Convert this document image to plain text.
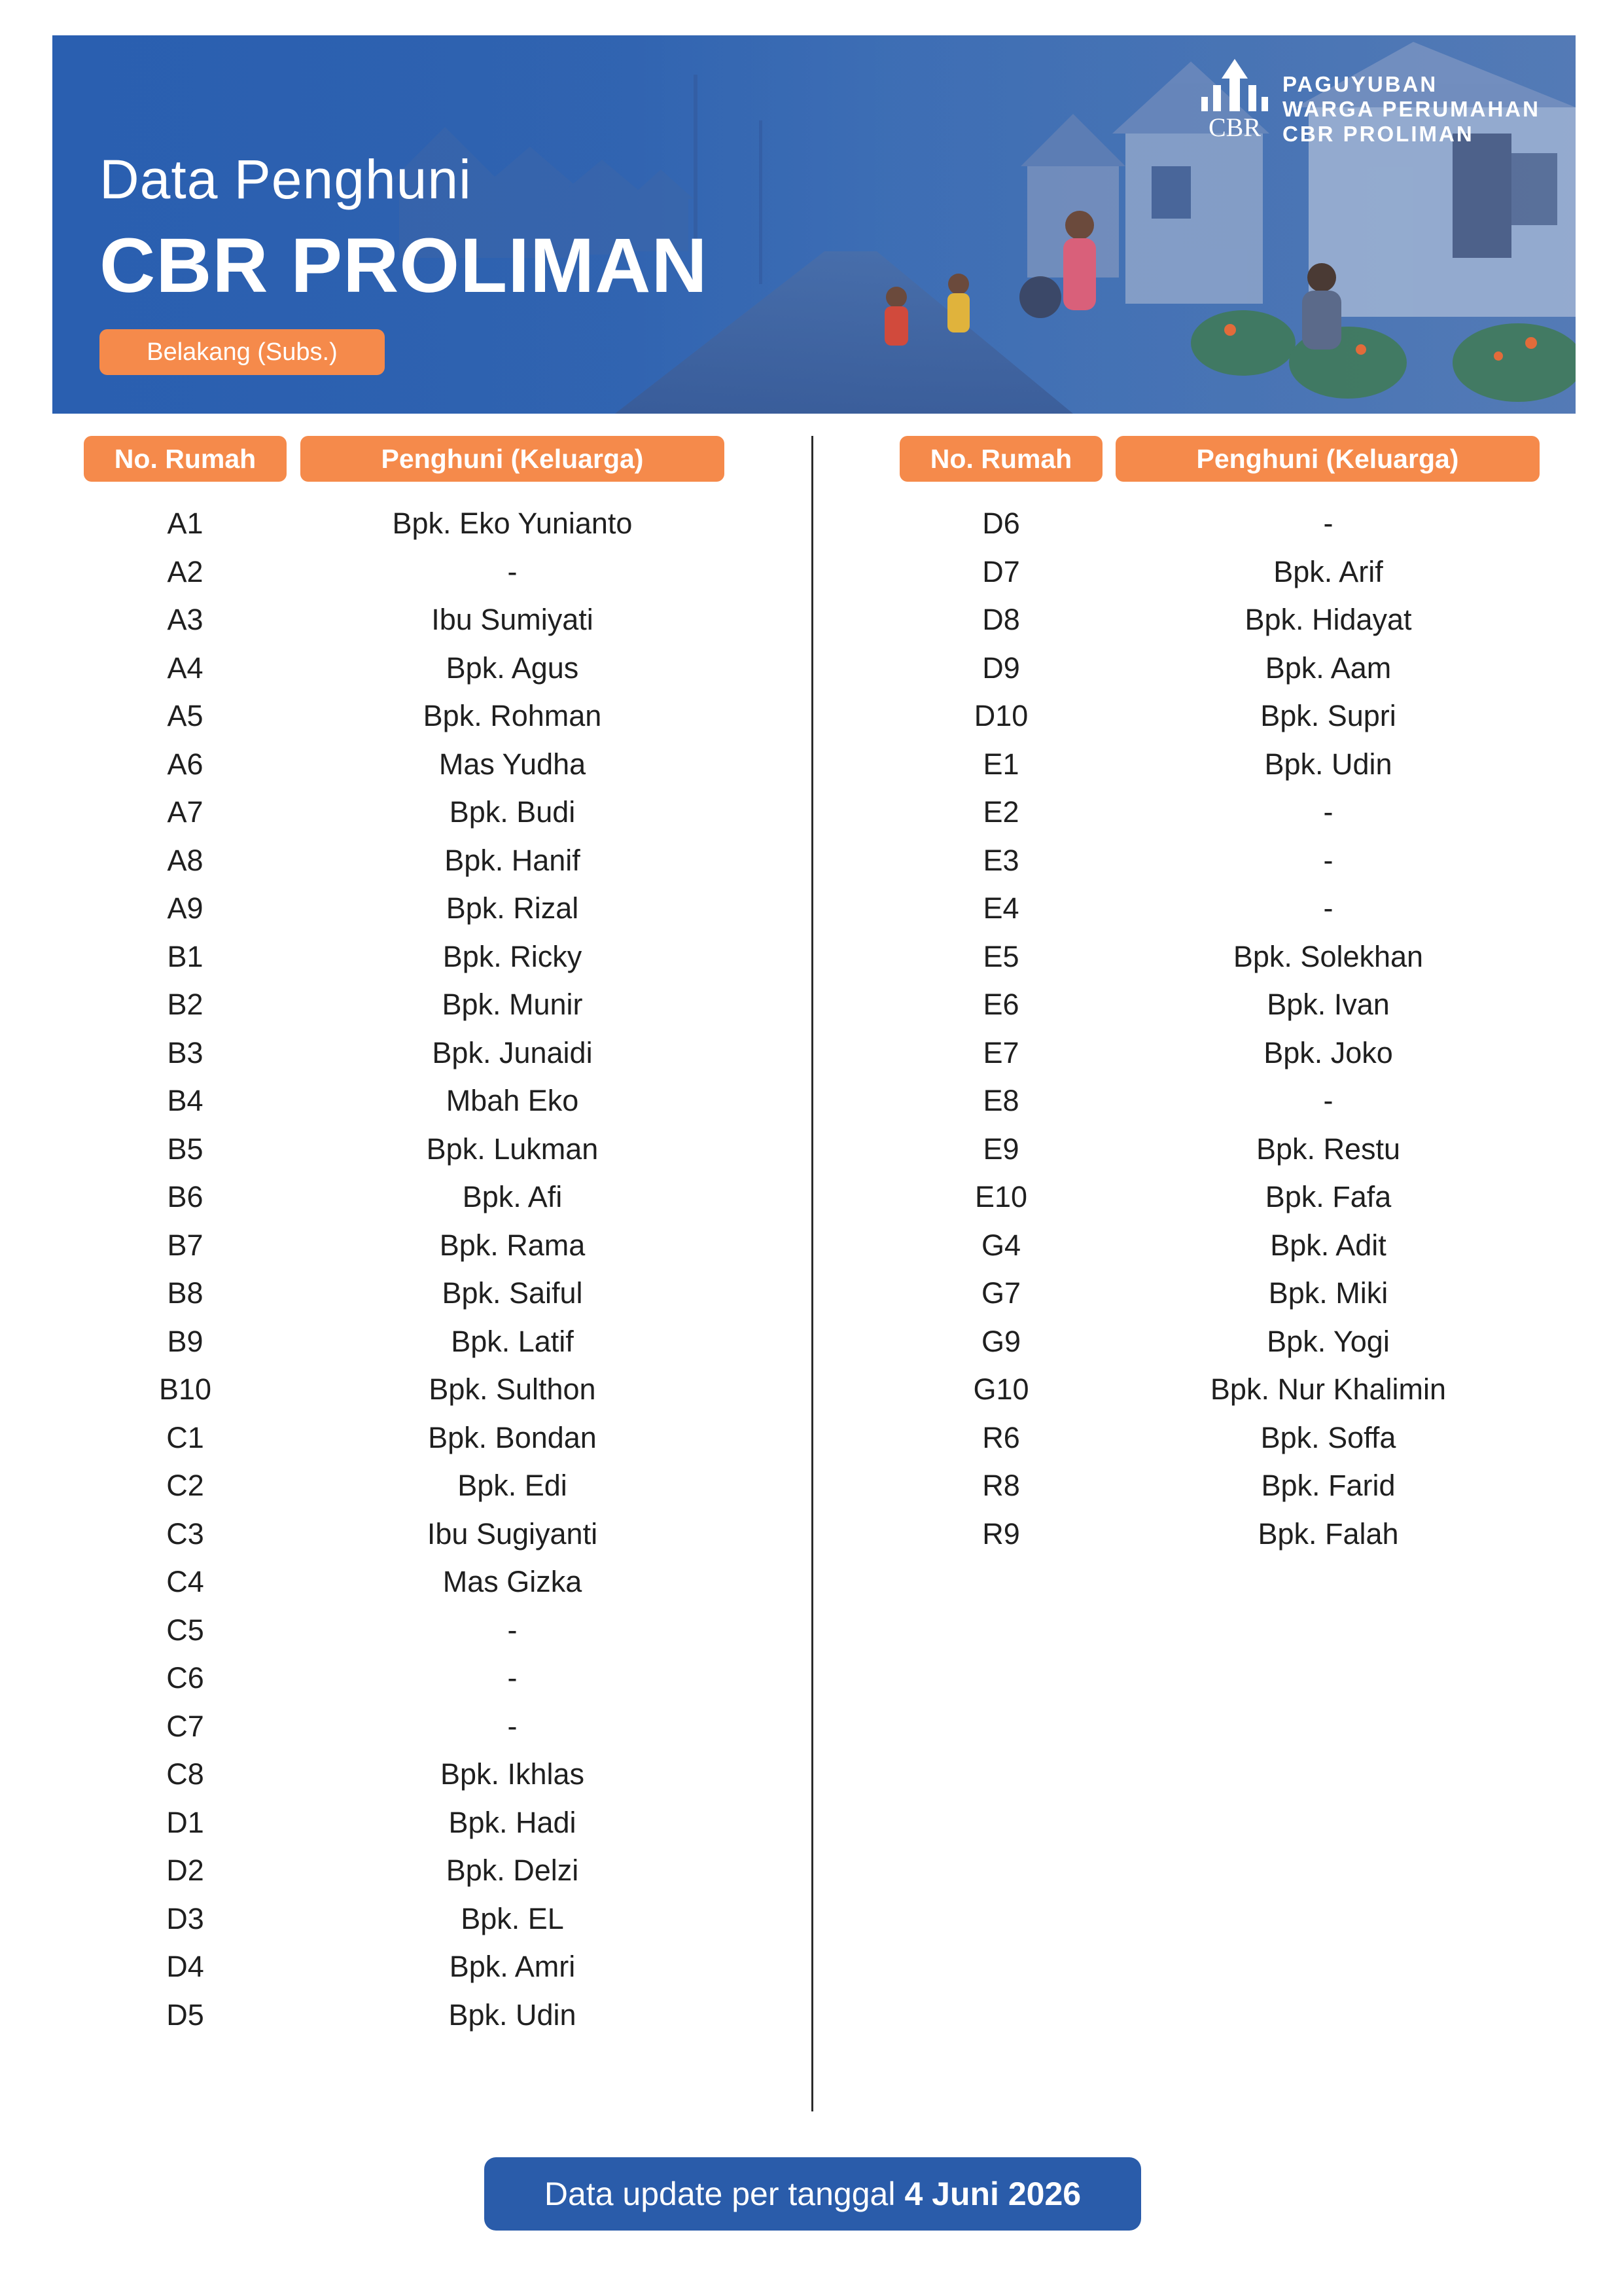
Data Penghuni
CBR PROLIMAN
Belakang (Subs.)
CBR
PAGUYUBAN
WARGA PERUMAHAN
CBR PROLIMAN
No. Rumah	Penghuni (Keluarga)	No. Rumah	Penghuni (Keluarga)
A1	Bpk. Eko Yunianto
A2	-
A3	Ibu Sumiyati
A4	Bpk. Agus
A5	Bpk. Rohman
A6	Mas Yudha
A7	Bpk. Budi
A8	Bpk. Hanif
A9	Bpk. Rizal
B1	Bpk. Ricky
B2	Bpk. Munir
B3	Bpk. Junaidi
B4	Mbah Eko
B5	Bpk. Lukman
B6	Bpk. Afi
B7	Bpk. Rama
B8	Bpk. Saiful
B9	Bpk. Latif
B10	Bpk. Sulthon
C1	Bpk. Bondan
C2	Bpk. Edi
C3	Ibu Sugiyanti
C4	Mas Gizka
C5	-
C6	-
C7	-
C8	Bpk. Ikhlas
D1	Bpk. Hadi
D2	Bpk. Delzi
D3	Bpk. EL
D4	Bpk. Amri
D5	Bpk. Udin
D6	-
D7	Bpk. Arif
D8	Bpk. Hidayat
D9	Bpk. Aam
D10	Bpk. Supri
E1	Bpk. Udin
E2	-
E3	-
E4	-
E5	Bpk. Solekhan
E6	Bpk. Ivan
E7	Bpk. Joko
E8	-
E9	Bpk. Restu
E10	Bpk. Fafa
G4	Bpk. Adit
G7	Bpk. Miki
G9	Bpk. Yogi
G10	Bpk. Nur Khalimin
R6	Bpk. Soffa
R8	Bpk. Farid
R9	Bpk. Falah
Data update per tanggal 4 Juni 2026
